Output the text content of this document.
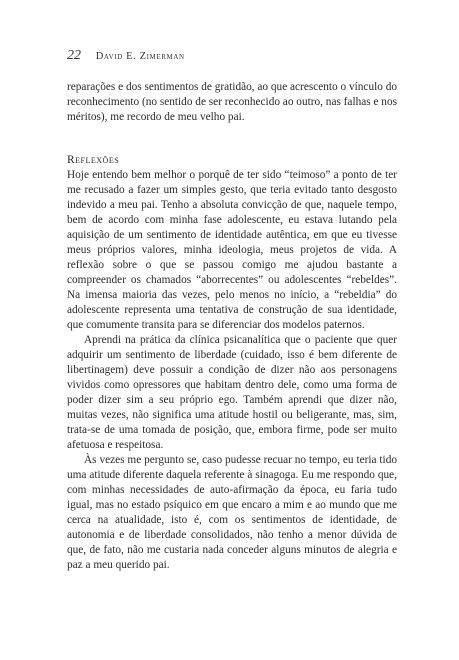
22 David E. Zimerman

reparações e dos sentimentos de gratidão, ao que acrescento o vínculo do reconhecimento (no sentido de ser reconhecido ao outro, nas falhas e nos méritos), me recordo de meu velho pai.

Reflexões

Hoje entendo bem melhor o porquê de ter sido “teimoso” a ponto de ter me recusado a fazer um simples gesto, que teria evitado tanto desgosto indevido a meu pai. Tenho a absoluta convicção de que, naquele tempo, bem de acordo com minha fase adolescente, eu estava lutando pela aquisição de um sentimento de identidade autêntica, em que eu tivesse meus próprios valores, minha ideologia, meus projetos de vida. A reflexão sobre o que se passou comigo me ajudou bastante a compreender os chamados “aborrecentes” ou adolescentes “rebeldes”. Na imensa maioria das vezes, pelo menos no início, a “rebeldia” do adolescente representa uma tentativa de construção de sua identidade, que comumente transita para se diferenciar dos modelos paternos.

Aprendi na prática da clínica psicanalítica que o paciente que quer adquirir um sentimento de liberdade (cuidado, isso é bem diferente de libertinagem) deve possuir a condição de dizer não aos personagens vividos como opressores que habitam dentro dele, como uma forma de poder dizer sim a seu próprio ego. Também aprendi que dizer não, muitas vezes, não significa uma atitude hostil ou beligerante, mas, sim, trata-se de uma tomada de posição, que, embora firme, pode ser muito afetuosa e respeitosa.

Às vezes me pergunto se, caso pudesse recuar no tempo, eu teria tido uma atitude diferente daquela referente à sinagoga. Eu me respondo que, com minhas necessidades de auto-afirmação da época, eu faria tudo igual, mas no estado psíquico em que encaro a mim e ao mundo que me cerca na atualidade, isto é, com os sentimentos de identidade, de autonomia e de liberdade consolidados, não tenho a menor dúvida de que, de fato, não me custaria nada conceder alguns minutos de alegria e paz a meu querido pai.
